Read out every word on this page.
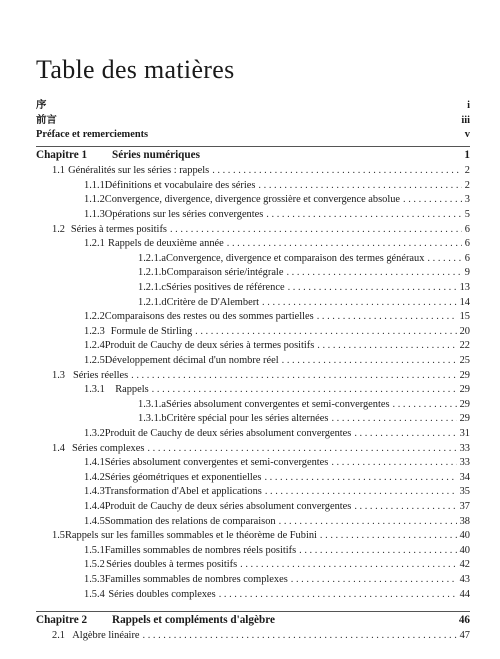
Table des matières
序	i
前言	iii
Préface et remerciements	v
Chapitre 1	Séries numériques	1
1.1 Généralités sur les séries : rappels . . .	2
1.1.1 Définitions et vocabulaire des séries . . .	2
1.1.2 Convergence, divergence, divergence grossière et convergence absolue . . .	3
1.1.3 Opérations sur les séries convergentes . . .	5
1.2 Séries à termes positifs . . .	6
1.2.1 Rappels de deuxième année . . .	6
1.2.1.a Convergence, divergence et comparaison des termes généraux . . .	6
1.2.1.b Comparaison série/intégrale . . .	9
1.2.1.c Séries positives de référence . . .	13
1.2.1.d Critère de D'Alembert . . .	14
1.2.2 Comparaisons des restes ou des sommes partielles . . .	15
1.2.3 Formule de Stirling . . .	20
1.2.4 Produit de Cauchy de deux séries à termes positifs . . .	22
1.2.5 Développement décimal d'un nombre réel . . .	25
1.3 Séries réelles . . .	29
1.3.1	Rappels . . .	29
1.3.1.a Séries absolument convergentes et semi-convergentes . . .	29
1.3.1.b Critère spécial pour les séries alternées . . .	29
1.3.2 Produit de Cauchy de deux séries absolument convergentes . . .	31
1.4 Séries complexes . . .	33
1.4.1 Séries absolument convergentes et semi-convergentes . . .	33
1.4.2 Séries géométriques et exponentielles . . .	34
1.4.3 Transformation d'Abel et applications . . .	35
1.4.4 Produit de Cauchy de deux séries absolument convergentes . . .	37
1.4.5 Sommation des relations de comparaison . . .	38
1.5 Rappels sur les familles sommables et le théorème de Fubini . . .	40
1.5.1 Familles sommables de nombres réels positifs . . .	40
1.5.2 Séries doubles à termes positifs . . .	42
1.5.3 Familles sommables de nombres complexes . . .	43
1.5.4 Séries doubles complexes . . .	44
Chapitre 2	Rappels et compléments d'algèbre	46
2.1 Algèbre linéaire . . .	47
